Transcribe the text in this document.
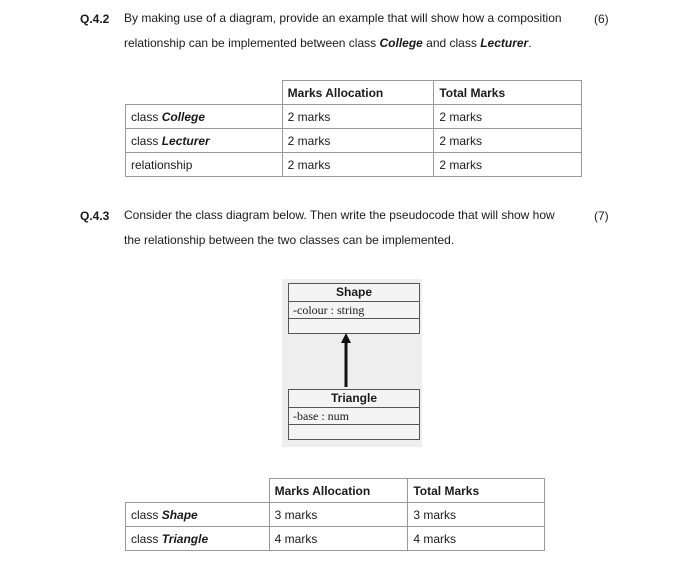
Q.4.2 By making use of a diagram, provide an example that will show how a composition
relationship can be implemented between class College and class Lecturer.
(6)
	Marks Allocation	Total Marks
class College	2 marks	2 marks
class Lecturer	2 marks	2 marks
relationship	2 marks	2 marks
Q.4.3 Consider the class diagram below. Then write the pseudocode that will show how
the relationship between the two classes can be implemented.
(7)
Shape
-colour : string
Triangle
-base : num
	Marks Allocation	Total Marks
class Shape	3 marks	3 marks
class Triangle	4 marks	4 marks
